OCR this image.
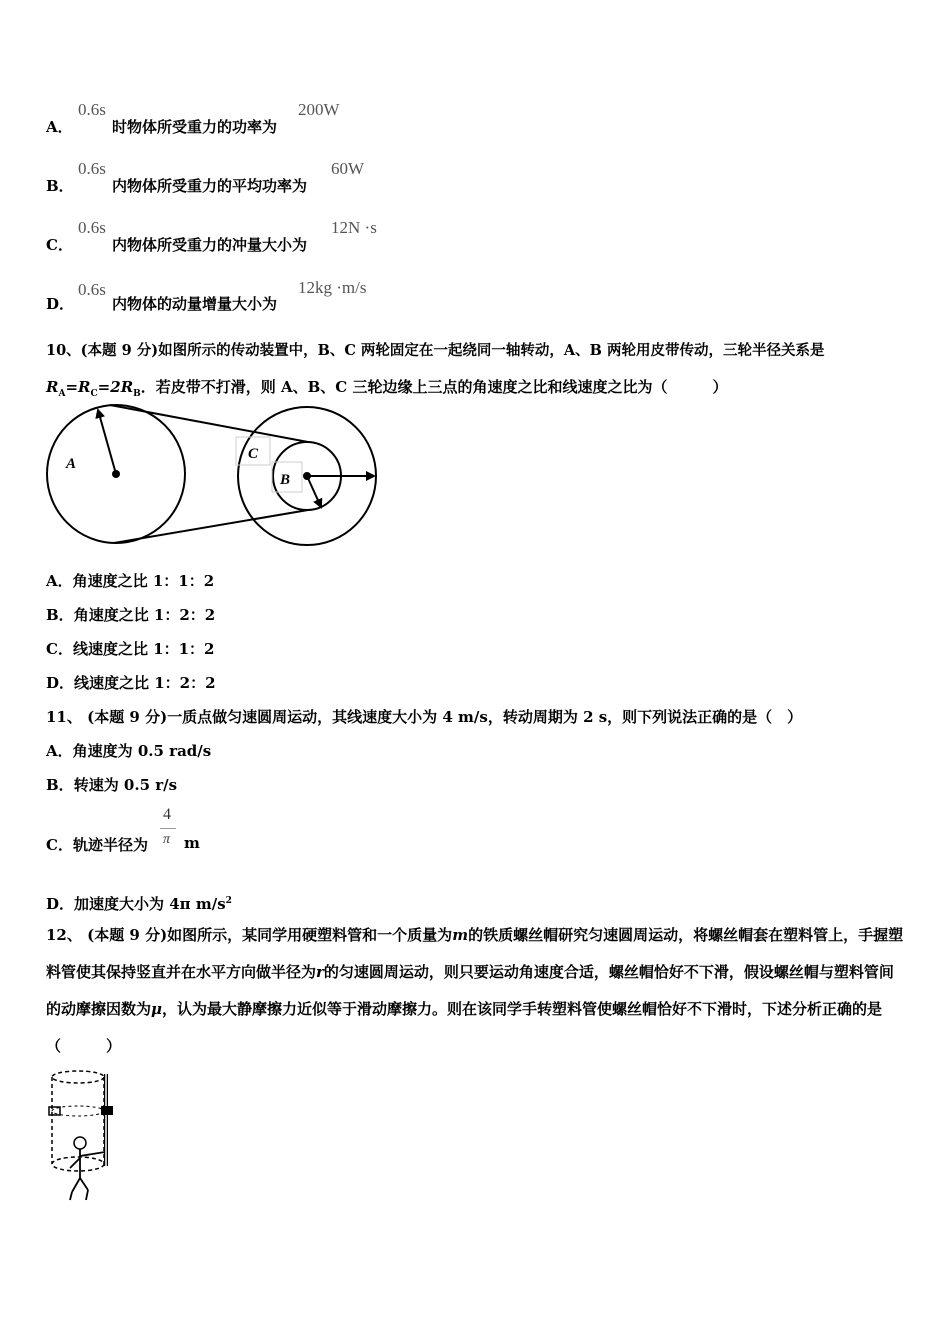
A．
0.6s
时物体所受重力的功率为
200W
B．
0.6s
内物体所受重力的平均功率为
60W
C．
0.6s
内物体所受重力的冲量大小为
12N ·s
D．
0.6s
内物体的动量增量大小为
12kg ·m/s
10、(本题 9 分)如图所示的传动装置中，B、C 两轮固定在一起绕同一轴转动，A、B 两轮用皮带传动，三轮半径关系是
$R_A=R_C=2R_B$．若皮带不打滑，则 A、B、C 三轮边缘上三点的角速度之比和线速度之比为（　　　）
A
C
B
A．角速度之比 1：1：2
B．角速度之比 1：2：2
C．线速度之比 1：1：2
D．线速度之比 1：2：2
11、 (本题 9 分)一质点做匀速圆周运动，其线速度大小为 4 m/s，转动周期为 2 s，则下列说法正确的是（　）
A．角速度为 0.5 rad/s
B．转速为 0.5 r/s
C．轨迹半径为
4
π m
D．加速度大小为 4π $m/s^2$
12、 (本题 9 分)如图所示，某同学用硬塑料管和一个质量为m的铁质螺丝帽研究匀速圆周运动，将螺丝帽套在塑料管上，手握塑料管使其保持竖直并在水平方向做半径为r的匀速圆周运动，则只要运动角速度合适，螺丝帽恰好不下滑，假设螺丝帽与塑料管间的动摩擦因数为μ，认为最大静摩擦力近似等于滑动摩擦力。则在该同学手转塑料管使螺丝帽恰好不下滑时，下述分析正确的是（　　　）
